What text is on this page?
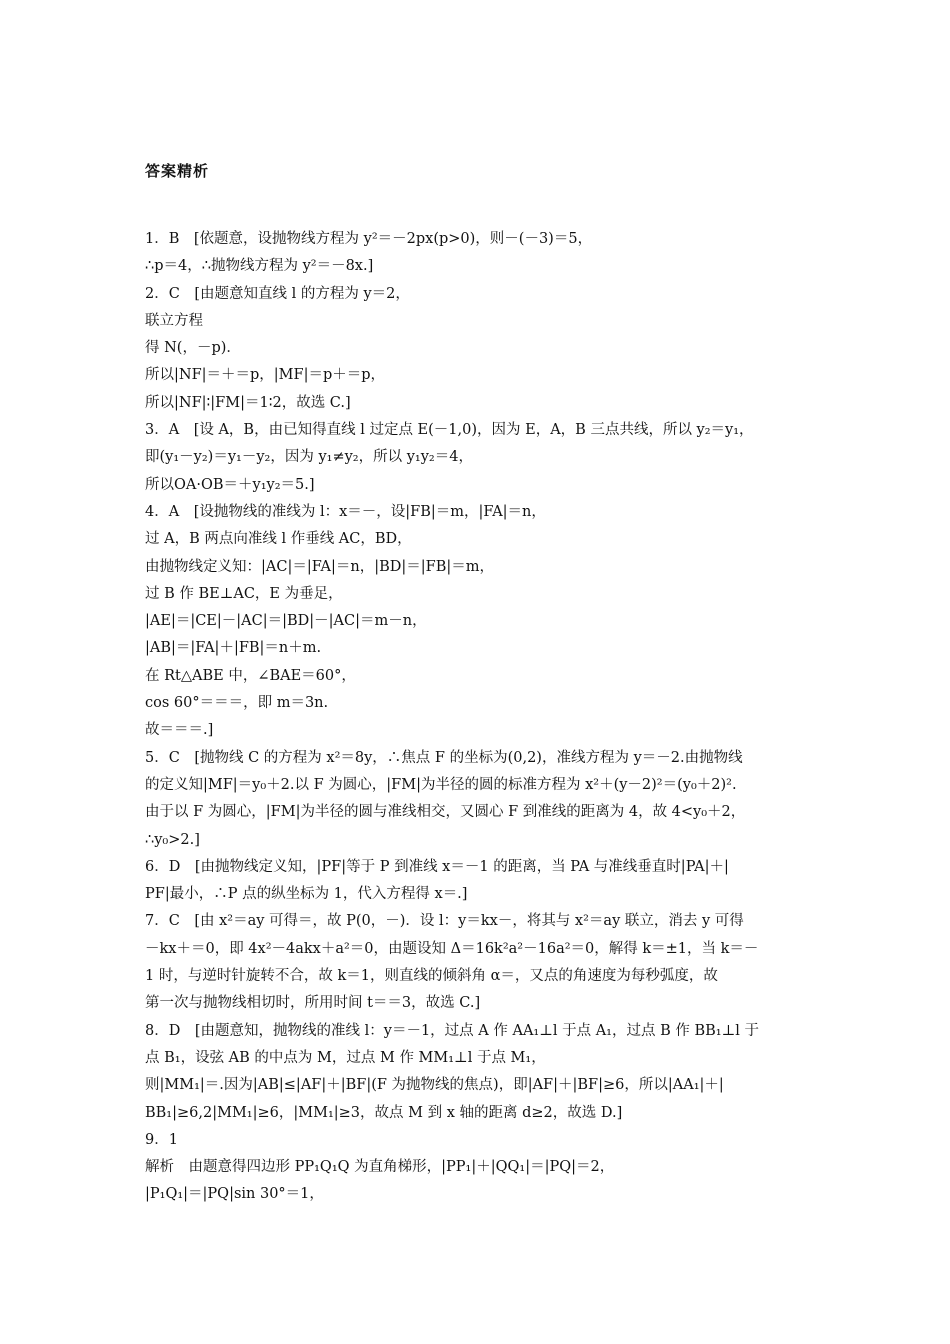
答案精析
1．B　[依题意，设抛物线方程为 y²＝－2px(p>0)，则－(－3)＝5，
∴p＝4，∴抛物线方程为 y²＝－8x.]
2．C　[由题意知直线 l 的方程为 y＝2，
联立方程
得 N(，－p)．
所以|NF|＝＋＝p，|MF|＝p＋＝p，
所以|NF|∶|FM|＝1∶2，故选 C.]
3．A　[设 A，B，由已知得直线 l 过定点 E(－1,0)，因为 E，A，B 三点共线，所以 y₂＝y₁，
即(y₁－y₂)＝y₁－y₂，因为 y₁≠y₂，所以 y₁y₂＝4，
所以OA·OB＝＋y₁y₂＝5.]
4．A　[设抛物线的准线为 l：x＝－，设|FB|＝m，|FA|＝n，
过 A，B 两点向准线 l 作垂线 AC，BD，
由抛物线定义知：|AC|＝|FA|＝n，|BD|＝|FB|＝m，
过 B 作 BE⊥AC，E 为垂足，
|AE|＝|CE|－|AC|＝|BD|－|AC|＝m－n，
|AB|＝|FA|＋|FB|＝n＋m.
在 Rt△ABE 中，∠BAE＝60°，
cos 60°＝＝＝，即 m＝3n.
故＝＝＝.]
5．C　[抛物线 C 的方程为 x²＝8y，∴焦点 F 的坐标为(0,2)，准线方程为 y＝－2.由抛物线
的定义知|MF|＝y₀＋2.以 F 为圆心，|FM|为半径的圆的标准方程为 x²＋(y－2)²＝(y₀＋2)².
由于以 F 为圆心，|FM|为半径的圆与准线相交，又圆心 F 到准线的距离为 4，故 4<y₀＋2，
∴y₀>2.]
6．D　[由抛物线定义知，|PF|等于 P 到准线 x＝－1 的距离，当 PA 与准线垂直时|PA|＋|
PF|最小，∴P 点的纵坐标为 1，代入方程得 x＝.]
7．C　[由 x²＝ay 可得＝，故 P(0，－)．设 l：y＝kx－，将其与 x²＝ay 联立，消去 y 可得
－kx＋＝0，即 4x²－4akx＋a²＝0，由题设知 Δ＝16k²a²－16a²＝0，解得 k＝±1，当 k＝－
1 时，与逆时针旋转不合，故 k＝1，则直线的倾斜角 α＝，又点的角速度为每秒弧度，故
第一次与抛物线相切时，所用时间 t＝＝3，故选 C.]
8．D　[由题意知，抛物线的准线 l：y＝－1，过点 A 作 AA₁⊥l 于点 A₁，过点 B 作 BB₁⊥l 于
点 B₁，设弦 AB 的中点为 M，过点 M 作 MM₁⊥l 于点 M₁，
则|MM₁|＝.因为|AB|≤|AF|＋|BF|(F 为抛物线的焦点)，即|AF|＋|BF|≥6，所以|AA₁|＋|
BB₁|≥6,2|MM₁|≥6，|MM₁|≥3，故点 M 到 x 轴的距离 d≥2，故选 D.]
9．1
解析　由题意得四边形 PP₁Q₁Q 为直角梯形，|PP₁|＋|QQ₁|＝|PQ|＝2，
|P₁Q₁|＝|PQ|sin 30°＝1，
